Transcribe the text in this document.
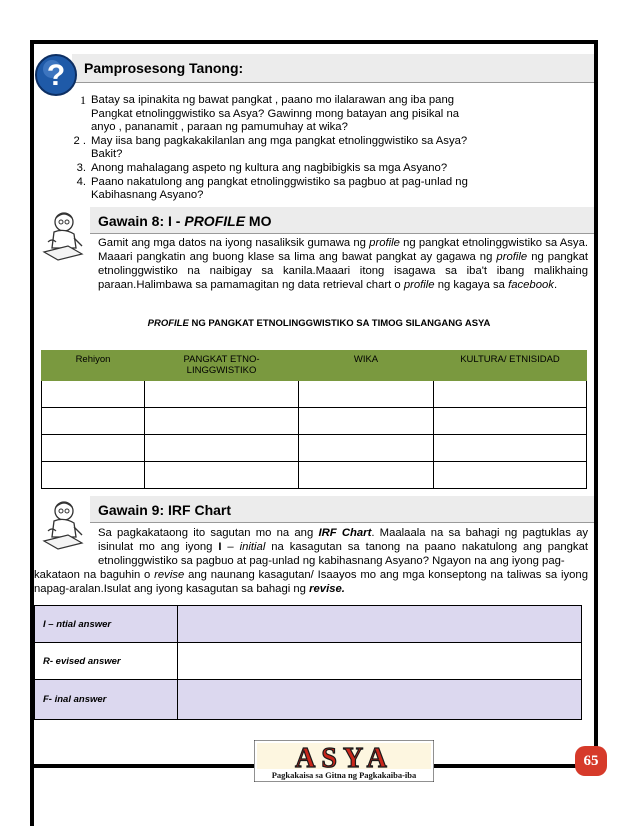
? Pamprosesong Tanong:
1 Batay sa ipinakita ng bawat pangkat , paano mo ilalarawan ang iba pang
Pangkat etnolinggwistiko sa Asya? Gawinng mong batayan ang pisikal na
anyo , pananamit , paraan ng pamumuhay at wika?
2 . May iisa bang pagkakakilanlan ang mga pangkat etnolinggwistiko sa Asya?
Bakit?
3. Anong mahalagang aspeto ng kultura ang nagbibigkis sa mga Asyano?
4. Paano nakatulong ang pangkat etnolinggwistiko sa pagbuo at pag-unlad ng
Kabihasnang Asyano?
Gawain 8: I - PROFILE MO
Gamit ang mga datos na iyong nasaliksik gumawa ng profile ng pangkat etnolinggwistiko sa Asya. Maaari pangkatin ang buong klase sa lima ang bawat pangkat ay gagawa ng profile ng pangkat etnolinggwistiko na naibigay sa kanila.Maaari itong isagawa sa iba't ibang malikhaing paraan.Halimbawa sa pamamagitan ng data retrieval chart o profile ng kagaya sa facebook.
PROFILE NG PANGKAT ETNOLINGGWISTIKO SA TIMOG SILANGANG ASYA
Rehiyon	PANGKAT ETNO-LINGGWISTIKO	WIKA	KULTURA/ ETNISIDAD

Gawain 9: IRF Chart
Sa pagkakataong ito sagutan mo na ang IRF Chart. Maalaala na sa bahagi ng pagtuklas ay isinulat mo ang iyong I – initial na kasagutan sa tanong na paano nakatulong ang pangkat etnolinggwistiko sa pagbuo at pag-unlad ng kabihasnang Asyano? Ngayon na ang iyong pag-
kakataon na baguhin o revise ang naunang kasagutan/ Isaayos mo ang mga konseptong na taliwas sa iyong napag-aralan.Isulat ang iyong kasagutan sa bahagi ng revise.
I – ntial answer	
R- evised answer	
F- inal answer	
ASYA
Pagkakaisa sa Gitna ng Pagkakaiba-iba
65
